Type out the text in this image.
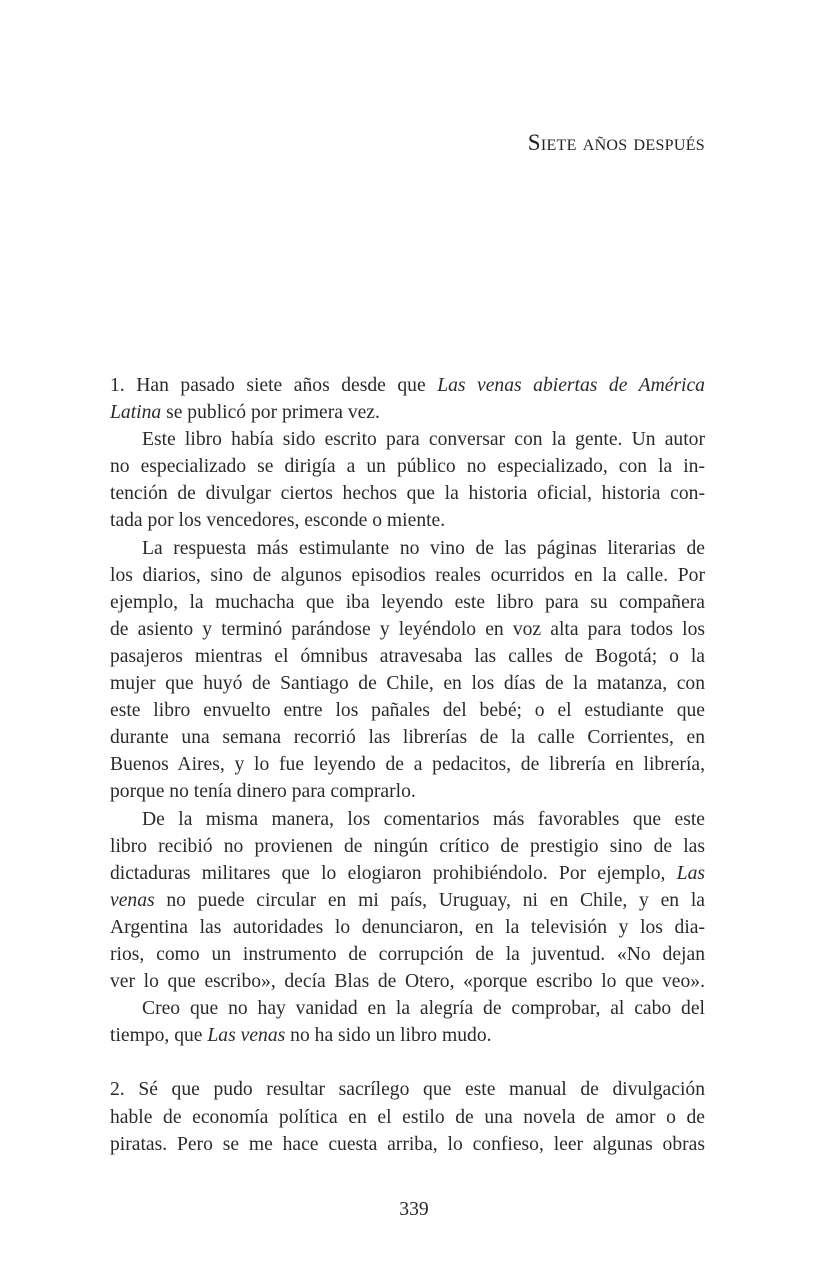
Siete años después
1. Han pasado siete años desde que Las venas abiertas de América
Latina se publicó por primera vez.
Este libro había sido escrito para conversar con la gente. Un autor
no especializado se dirigía a un público no especializado, con la in-
tención de divulgar ciertos hechos que la historia oficial, historia con-
tada por los vencedores, esconde o miente.
La respuesta más estimulante no vino de las páginas literarias de
los diarios, sino de algunos episodios reales ocurridos en la calle. Por
ejemplo, la muchacha que iba leyendo este libro para su compañera
de asiento y terminó parándose y leyéndolo en voz alta para todos los
pasajeros mientras el ómnibus atravesaba las calles de Bogotá; o la
mujer que huyó de Santiago de Chile, en los días de la matanza, con
este libro envuelto entre los pañales del bebé; o el estudiante que
durante una semana recorrió las librerías de la calle Corrientes, en
Buenos Aires, y lo fue leyendo de a pedacitos, de librería en librería,
porque no tenía dinero para comprarlo.
De la misma manera, los comentarios más favorables que este
libro recibió no provienen de ningún crítico de prestigio sino de las
dictaduras militares que lo elogiaron prohibiéndolo. Por ejemplo, Las
venas no puede circular en mi país, Uruguay, ni en Chile, y en la
Argentina las autoridades lo denunciaron, en la televisión y los dia-
rios, como un instrumento de corrupción de la juventud. «No dejan
ver lo que escribo», decía Blas de Otero, «porque escribo lo que veo».
Creo que no hay vanidad en la alegría de comprobar, al cabo del
tiempo, que Las venas no ha sido un libro mudo.

2. Sé que pudo resultar sacrílego que este manual de divulgación
hable de economía política en el estilo de una novela de amor o de
piratas. Pero se me hace cuesta arriba, lo confieso, leer algunas obras
339
